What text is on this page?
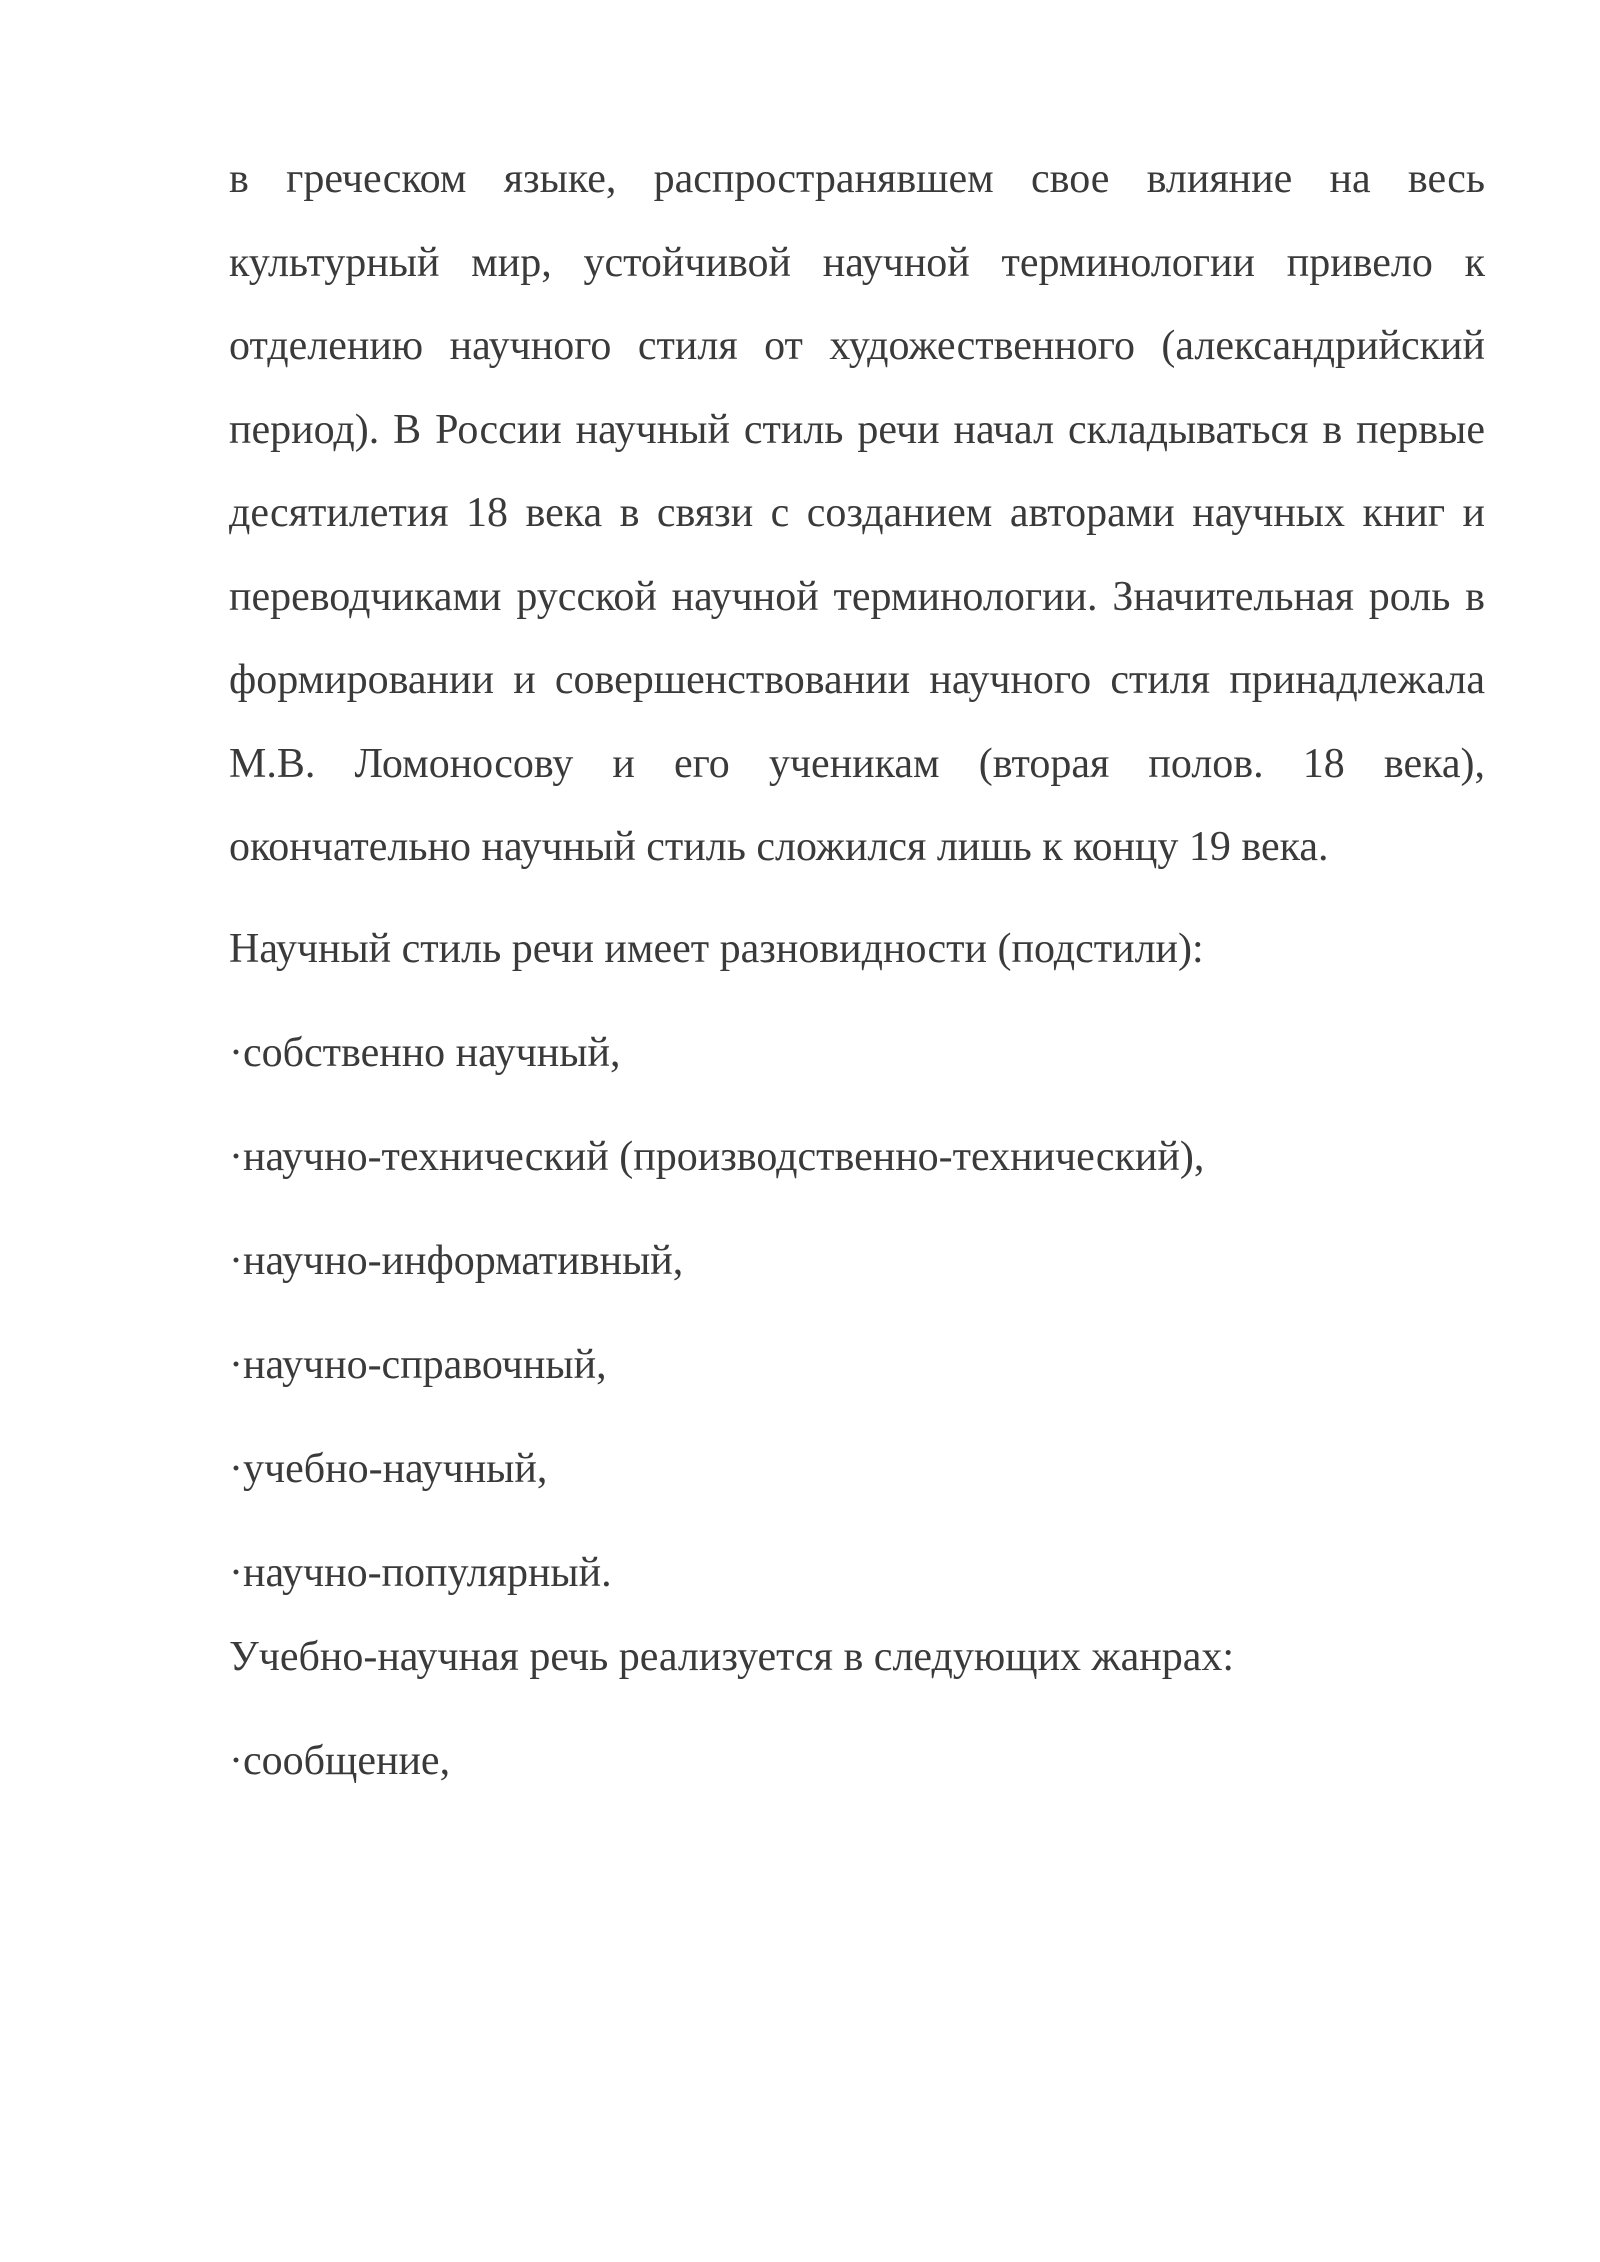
в греческом языке, распространявшем свое влияние на весь культурный мир, устойчивой научной терминологии привело к отделению научного стиля от художественного (александрийский период). В России научный стиль речи начал складываться в первые десятилетия 18 века в связи с созданием авторами научных книг и переводчиками русской научной терминологии. Значительная роль в формировании и совершенствовании научного стиля принадлежала М.В. Ломоносову и его ученикам (вторая полов. 18 века), окончательно научный стиль сложился лишь к концу 19 века.

Научный стиль речи имеет разновидности (подстили):

·собственно научный,

·научно-технический (производственно-технический),

·научно-информативный,

·научно-справочный,

·учебно-научный,

·научно-популярный.

Учебно-научная речь реализуется в следующих жанрах:

·сообщение,
